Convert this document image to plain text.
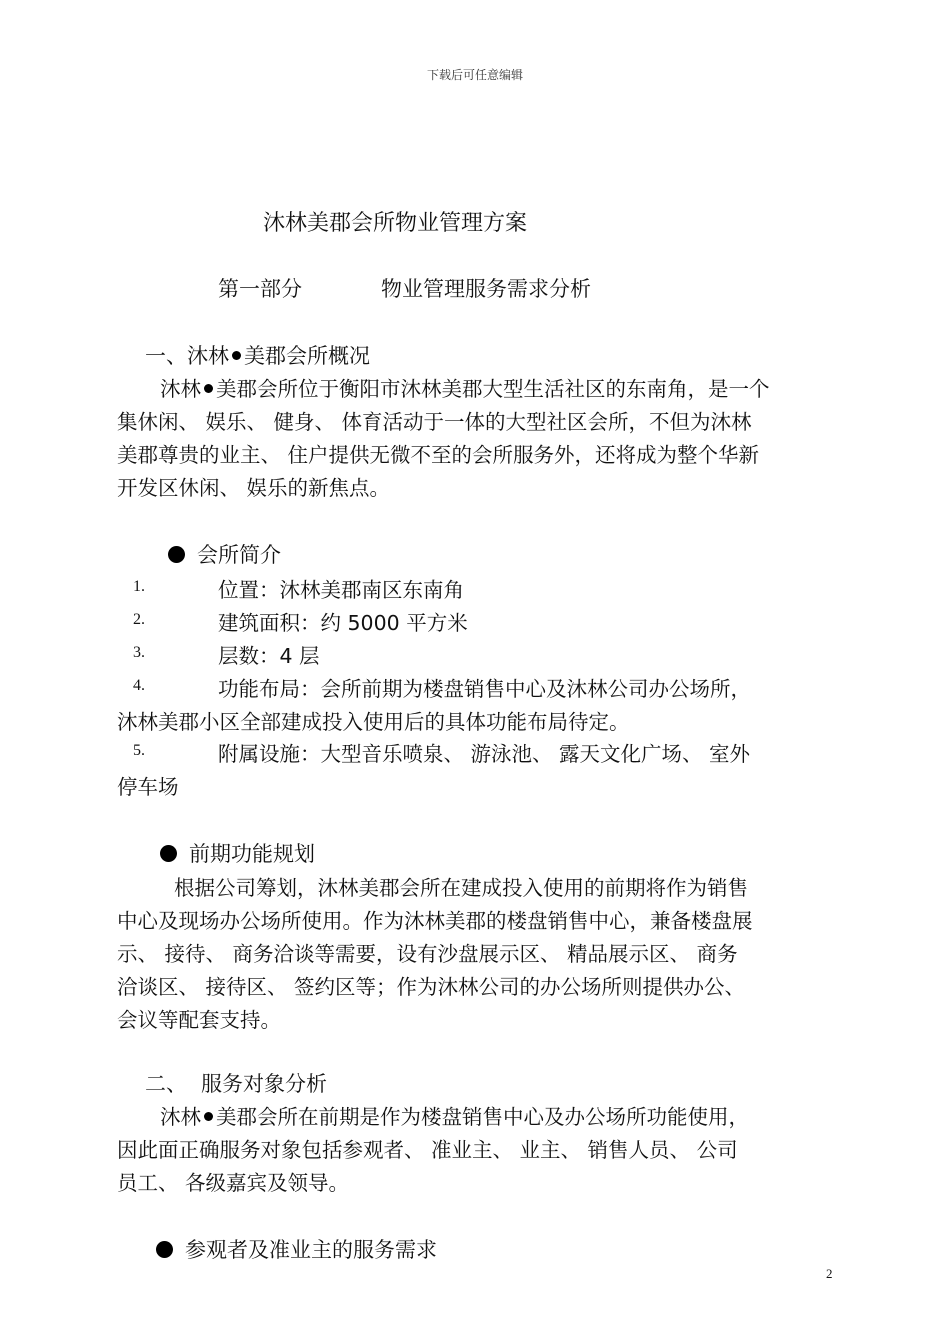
下载后可任意编辑
沐林美郡会所物业管理方案
第一部分	物业管理服务需求分析
一、沐林 美郡会所概况
沐林 美郡会所位于衡阳市沐林美郡大型生活社区的东南角，是一个
集休闲、 娱乐、 健身、 体育活动于一体的大型社区会所，不但为沐林
美郡尊贵的业主、 住户提供无微不至的会所服务外，还将成为整个华新
开发区休闲、 娱乐的新焦点。
会所简介
1.	位置：沐林美郡南区东南角
2.	建筑面积：约 5000 平方米
3.	层数：4 层
4.	功能布局：会所前期为楼盘销售中心及沐林公司办公场所，
沐林美郡小区全部建成投入使用后的具体功能布局待定。
5.	附属设施：大型音乐喷泉、 游泳池、 露天文化广场、 室外
停车场
前期功能规划
根据公司筹划，沐林美郡会所在建成投入使用的前期将作为销售
中心及现场办公场所使用。作为沐林美郡的楼盘销售中心，兼备楼盘展
示、 接待、 商务洽谈等需要，设有沙盘展示区、 精品展示区、 商务
洽谈区、 接待区、 签约区等；作为沐林公司的办公场所则提供办公、
会议等配套支持。
二、 服务对象分析
沐林 美郡会所在前期是作为楼盘销售中心及办公场所功能使用，
因此面正确服务对象包括参观者、 准业主、 业主、 销售人员、 公司
员工、 各级嘉宾及领导。
参观者及准业主的服务需求
2
